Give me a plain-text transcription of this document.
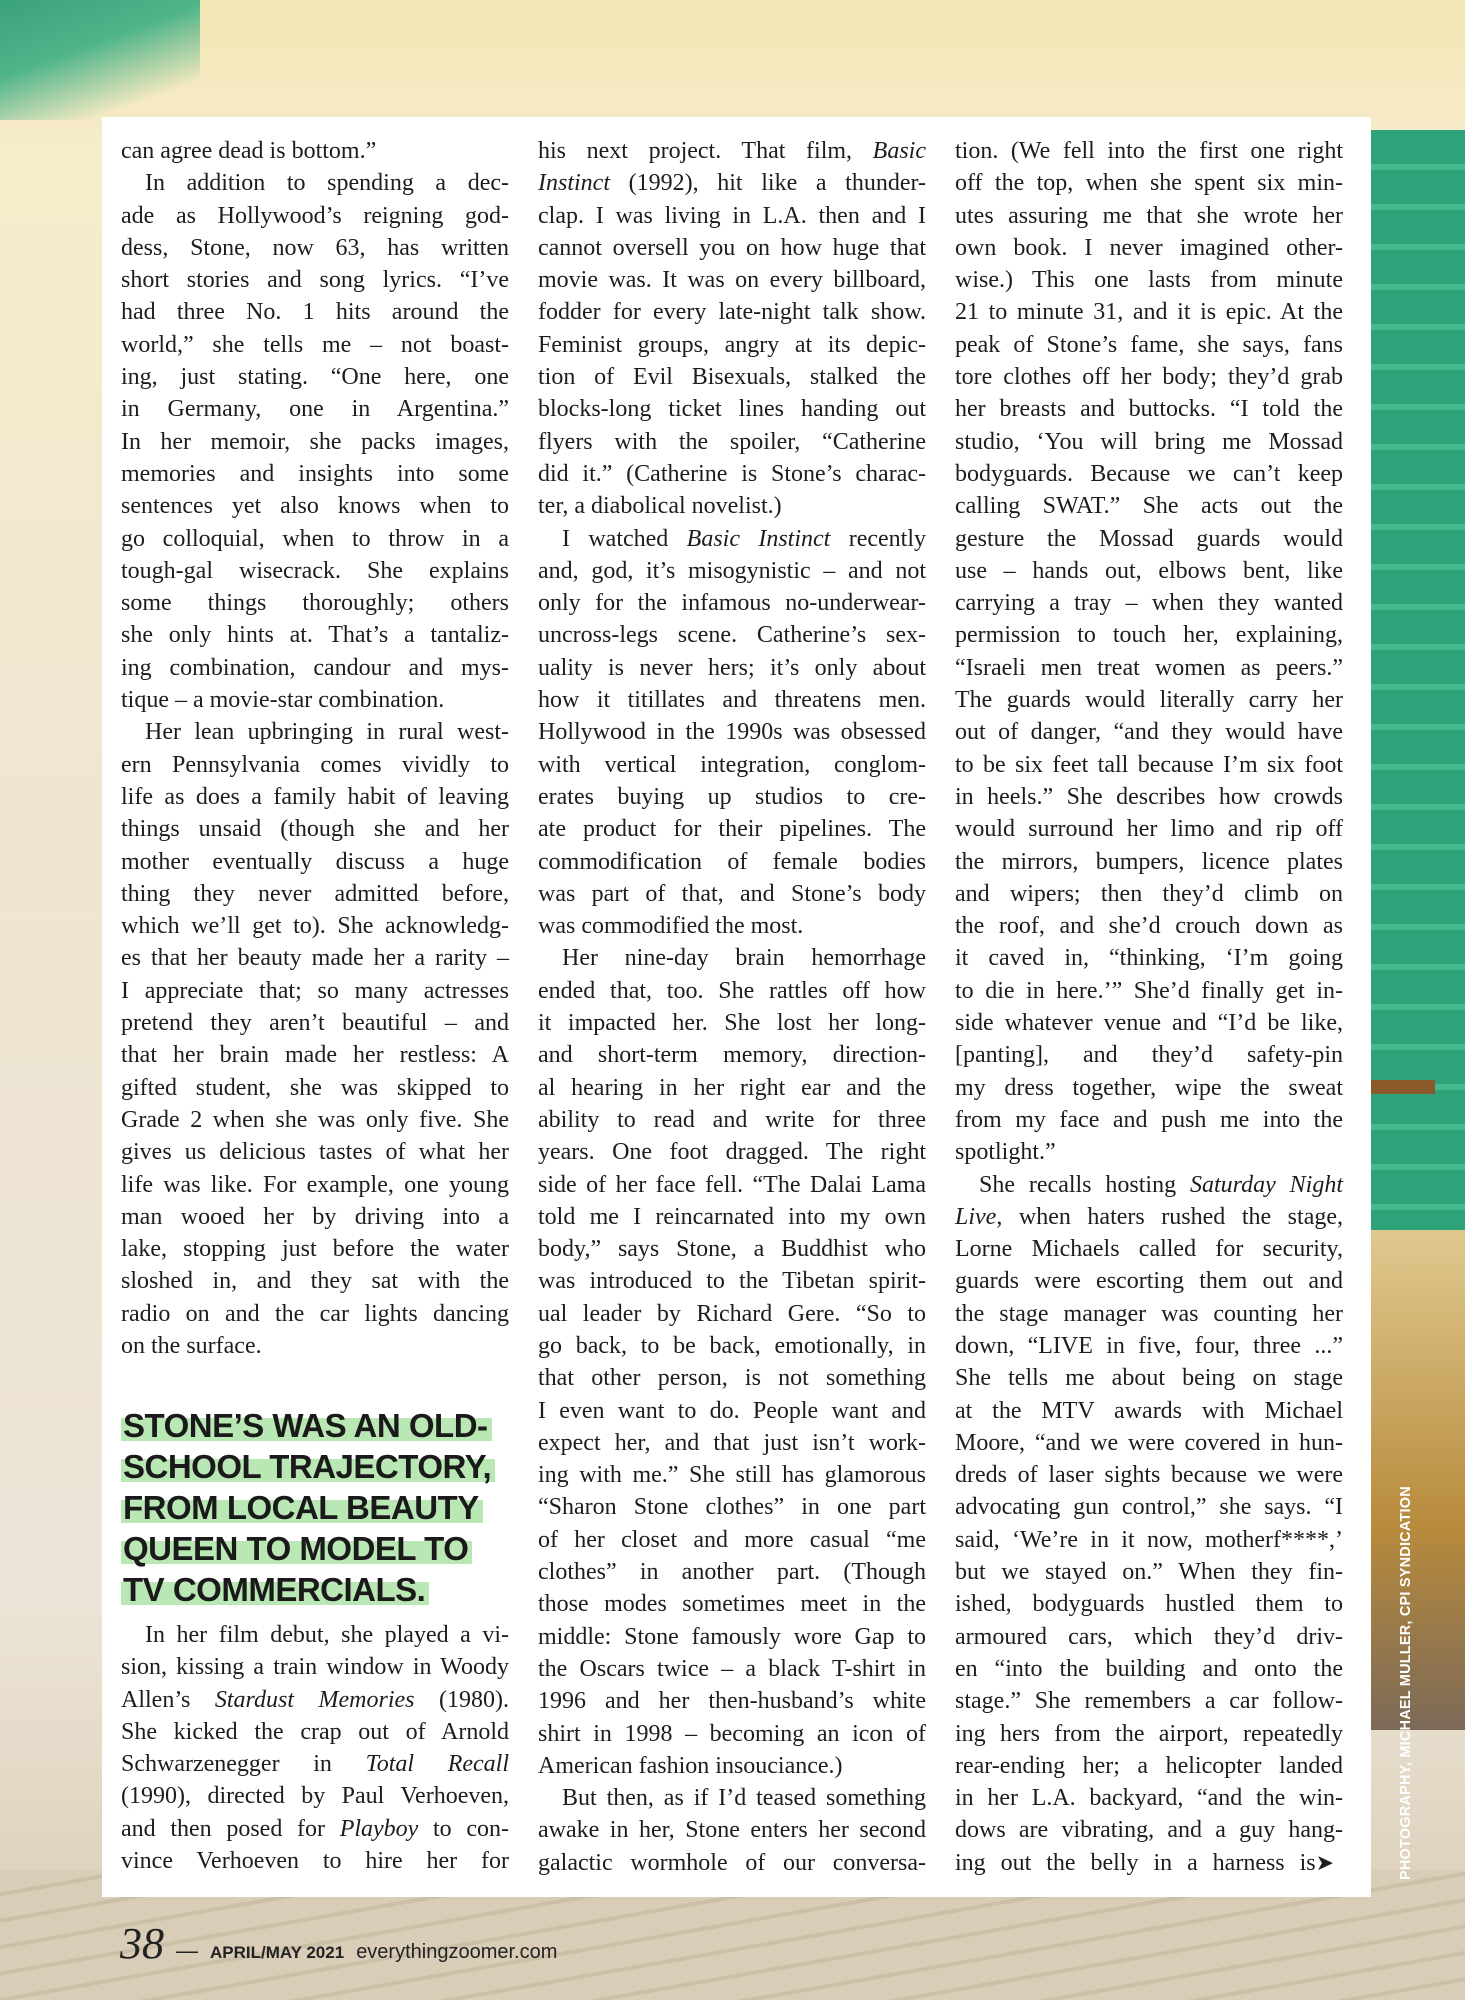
can agree dead is bottom.”
In addition to spending a dec-
ade as Hollywood’s reigning god-
dess, Stone, now 63, has written
short stories and song lyrics. “I’ve
had three No. 1 hits around the
world,” she tells me – not boast-
ing, just stating. “One here, one
in Germany, one in Argentina.”
In her memoir, she packs images,
memories and insights into some
sentences yet also knows when to
go colloquial, when to throw in a
tough-gal wisecrack. She explains
some things thoroughly; others
she only hints at. That’s a tantaliz-
ing combination, candour and mys-
tique – a movie-star combination.
Her lean upbringing in rural west-
ern Pennsylvania comes vividly to
life as does a family habit of leaving
things unsaid (though she and her
mother eventually discuss a huge
thing they never admitted before,
which we’ll get to). She acknowledg-
es that her beauty made her a rarity –
I appreciate that; so many actresses
pretend they aren’t beautiful – and
that her brain made her restless: A
gifted student, she was skipped to
Grade 2 when she was only five. She
gives us delicious tastes of what her
life was like. For example, one young
man wooed her by driving into a
lake, stopping just before the water
sloshed in, and they sat with the
radio on and the car lights dancing
on the surface.
In her film debut, she played a vi-
sion, kissing a train window in Woody
Allen’s Stardust Memories (1980).
She kicked the crap out of Arnold
Schwarzenegger in Total Recall
(1990), directed by Paul Verhoeven,
and then posed for Playboy to con-
vince Verhoeven to hire her for
his next project. That film, Basic
Instinct (1992), hit like a thunder-
clap. I was living in L.A. then and I
cannot oversell you on how huge that
movie was. It was on every billboard,
fodder for every late-night talk show.
Feminist groups, angry at its depic-
tion of Evil Bisexuals, stalked the
blocks-long ticket lines handing out
flyers with the spoiler, “Catherine
did it.” (Catherine is Stone’s charac-
ter, a diabolical novelist.)
I watched Basic Instinct recently
and, god, it’s misogynistic – and not
only for the infamous no-underwear-
uncross-legs scene. Catherine’s sex-
uality is never hers; it’s only about
how it titillates and threatens men.
Hollywood in the 1990s was obsessed
with vertical integration, conglom-
erates buying up studios to cre-
ate product for their pipelines. The
commodification of female bodies
was part of that, and Stone’s body
was commodified the most.
Her nine-day brain hemorrhage
ended that, too. She rattles off how
it impacted her. She lost her long-
and short-term memory, direction-
al hearing in her right ear and the
ability to read and write for three
years. One foot dragged. The right
side of her face fell. “The Dalai Lama
told me I reincarnated into my own
body,” says Stone, a Buddhist who
was introduced to the Tibetan spirit-
ual leader by Richard Gere. “So to
go back, to be back, emotionally, in
that other person, is not something
I even want to do. People want and
expect her, and that just isn’t work-
ing with me.” She still has glamorous
“Sharon Stone clothes” in one part
of her closet and more casual “me
clothes” in another part. (Though
those modes sometimes meet in the
middle: Stone famously wore Gap to
the Oscars twice – a black T-shirt in
1996 and her then-husband’s white
shirt in 1998 – becoming an icon of
American fashion insouciance.)
But then, as if I’d teased something
awake in her, Stone enters her second
galactic wormhole of our conversa-
tion. (We fell into the first one right
off the top, when she spent six min-
utes assuring me that she wrote her
own book. I never imagined other-
wise.) This one lasts from minute
21 to minute 31, and it is epic. At the
peak of Stone’s fame, she says, fans
tore clothes off her body; they’d grab
her breasts and buttocks. “I told the
studio, ‘You will bring me Mossad
bodyguards. Because we can’t keep
calling SWAT.” She acts out the
gesture the Mossad guards would
use – hands out, elbows bent, like
carrying a tray – when they wanted
permission to touch her, explaining,
“Israeli men treat women as peers.”
The guards would literally carry her
out of danger, “and they would have
to be six feet tall because I’m six foot
in heels.” She describes how crowds
would surround her limo and rip off
the mirrors, bumpers, licence plates
and wipers; then they’d climb on
the roof, and she’d crouch down as
it caved in, “thinking, ‘I’m going
to die in here.’” She’d finally get in-
side whatever venue and “I’d be like,
[panting], and they’d safety-pin
my dress together, wipe the sweat
from my face and push me into the
spotlight.”
She recalls hosting Saturday Night
Live, when haters rushed the stage,
Lorne Michaels called for security,
guards were escorting them out and
the stage manager was counting her
down, “LIVE in five, four, three ...”
She tells me about being on stage
at the MTV awards with Michael
Moore, “and we were covered in hun-
dreds of laser sights because we were
advocating gun control,” she says. “I
said, ‘We’re in it now, motherf****,’
but we stayed on.” When they fin-
ished, bodyguards hustled them to
armoured cars, which they’d driv-
en “into the building and onto the
stage.” She remembers a car follow-
ing hers from the airport, repeatedly
rear-ending her; a helicopter landed
in her L.A. backyard, “and the win-
dows are vibrating, and a guy hang-
ing out the belly in a harness is➤
STONE’S WAS AN OLD-
SCHOOL TRAJECTORY,
FROM LOCAL BEAUTY
QUEEN TO MODEL TO
TV COMMERCIALS.
38 — APRIL/MAY 2021 everythingzoomer.com
PHOTOGRAPHY, MICHAEL MULLER, CPI SYNDICATION
